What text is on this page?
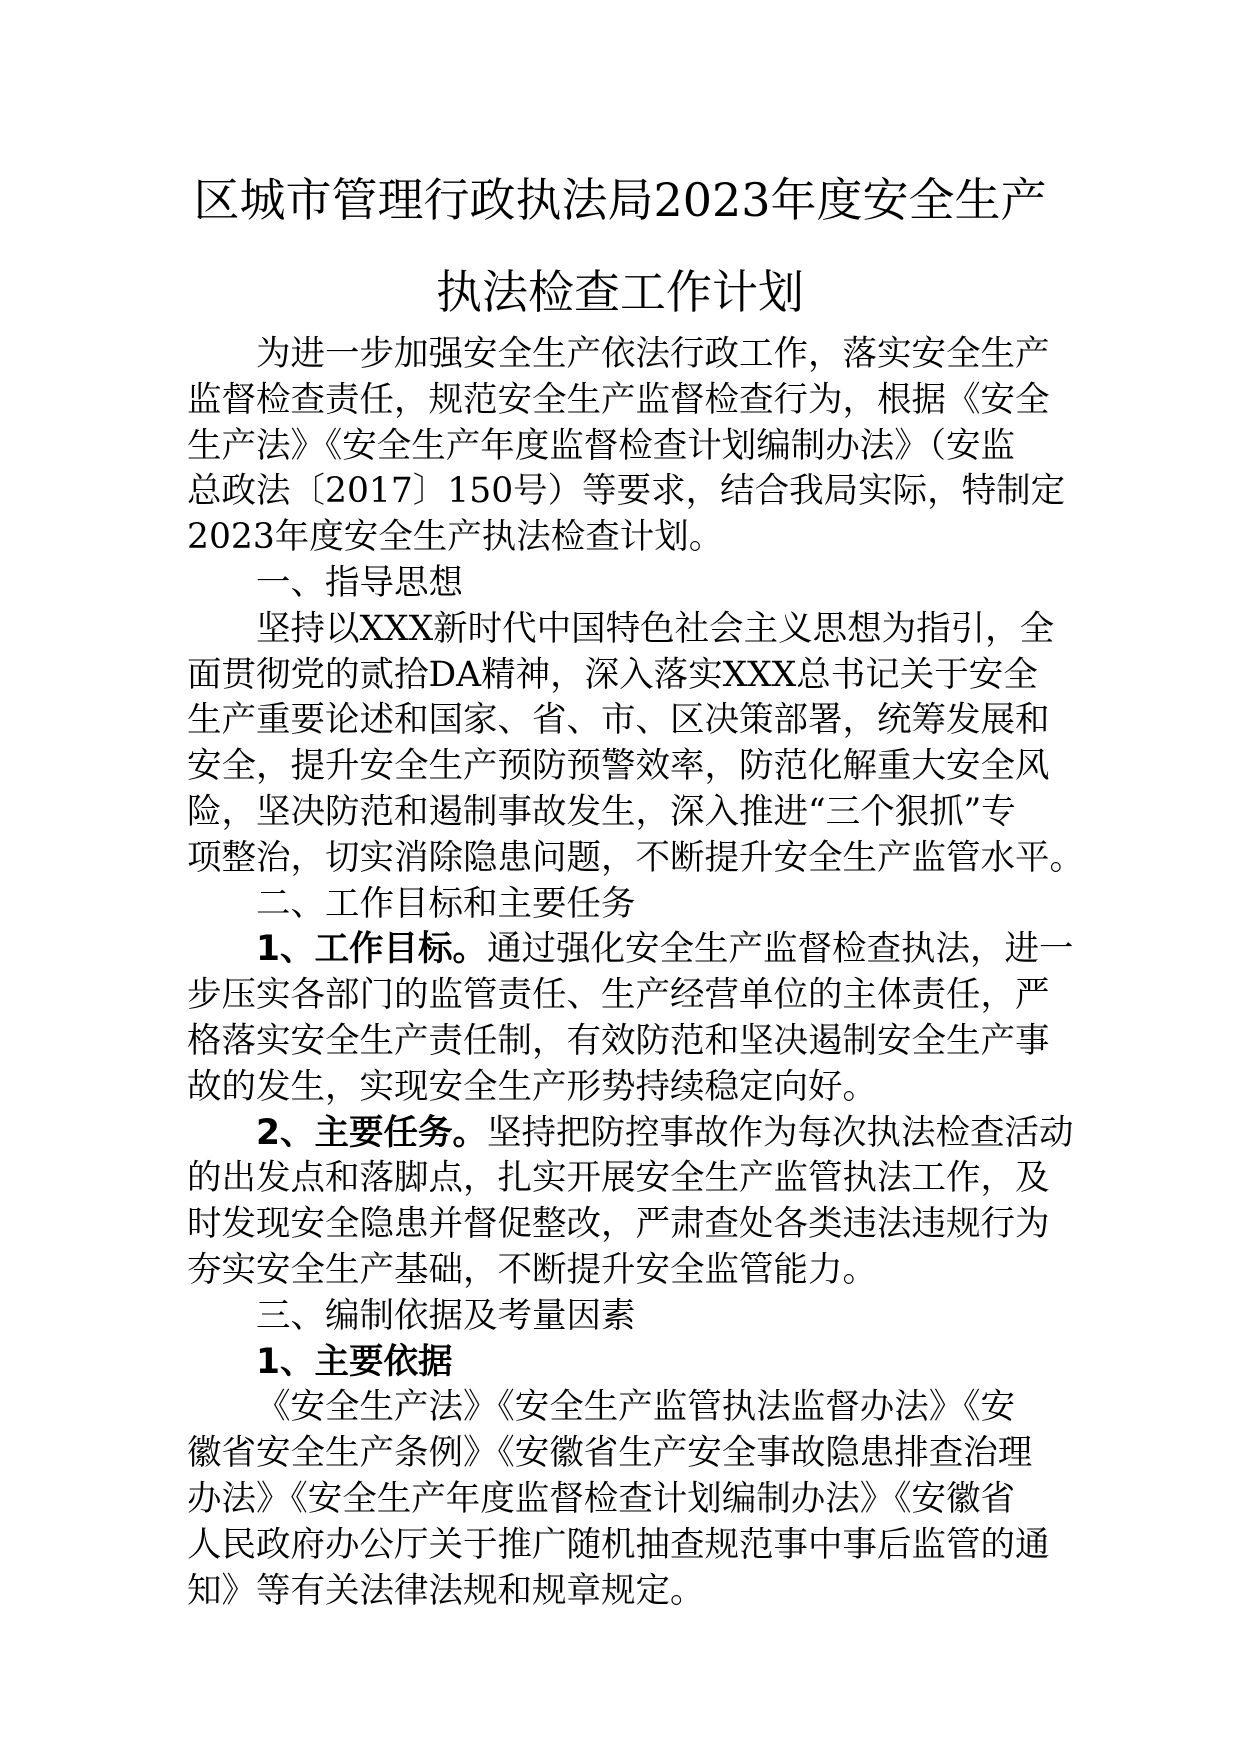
区城市管理行政执法局2023年度安全生产
执法检查工作计划
为进一步加强安全生产依法行政工作，落实安全生产
监督检查责任，规范安全生产监督检查行为，根据《安全
生产法》《安全生产年度监督检查计划编制办法》（安监
总政法〔2017〕150号）等要求，结合我局实际，特制定
2023年度安全生产执法检查计划。
一、指导思想
坚持以XXX新时代中国特色社会主义思想为指引，全
面贯彻党的贰拾DA精神，深入落实XXX总书记关于安全
生产重要论述和国家、省、市、区决策部署，统筹发展和
安全，提升安全生产预防预警效率，防范化解重大安全风
险，坚决防范和遏制事故发生，深入推进“三个狠抓”专
项整治，切实消除隐患问题，不断提升安全生产监管水平。
二、工作目标和主要任务
1、工作目标。通过强化安全生产监督检查执法，进一
步压实各部门的监管责任、生产经营单位的主体责任，严
格落实安全生产责任制，有效防范和坚决遏制安全生产事
故的发生，实现安全生产形势持续稳定向好。
2、主要任务。坚持把防控事故作为每次执法检查活动
的出发点和落脚点，扎实开展安全生产监管执法工作，及
时发现安全隐患并督促整改，严肃查处各类违法违规行为
夯实安全生产基础，不断提升安全监管能力。
三、编制依据及考量因素
1、主要依据
《安全生产法》《安全生产监管执法监督办法》《安
徽省安全生产条例》《安徽省生产安全事故隐患排查治理
办法》《安全生产年度监督检查计划编制办法》《安徽省
人民政府办公厅关于推广随机抽查规范事中事后监管的通
知》等有关法律法规和规章规定。
